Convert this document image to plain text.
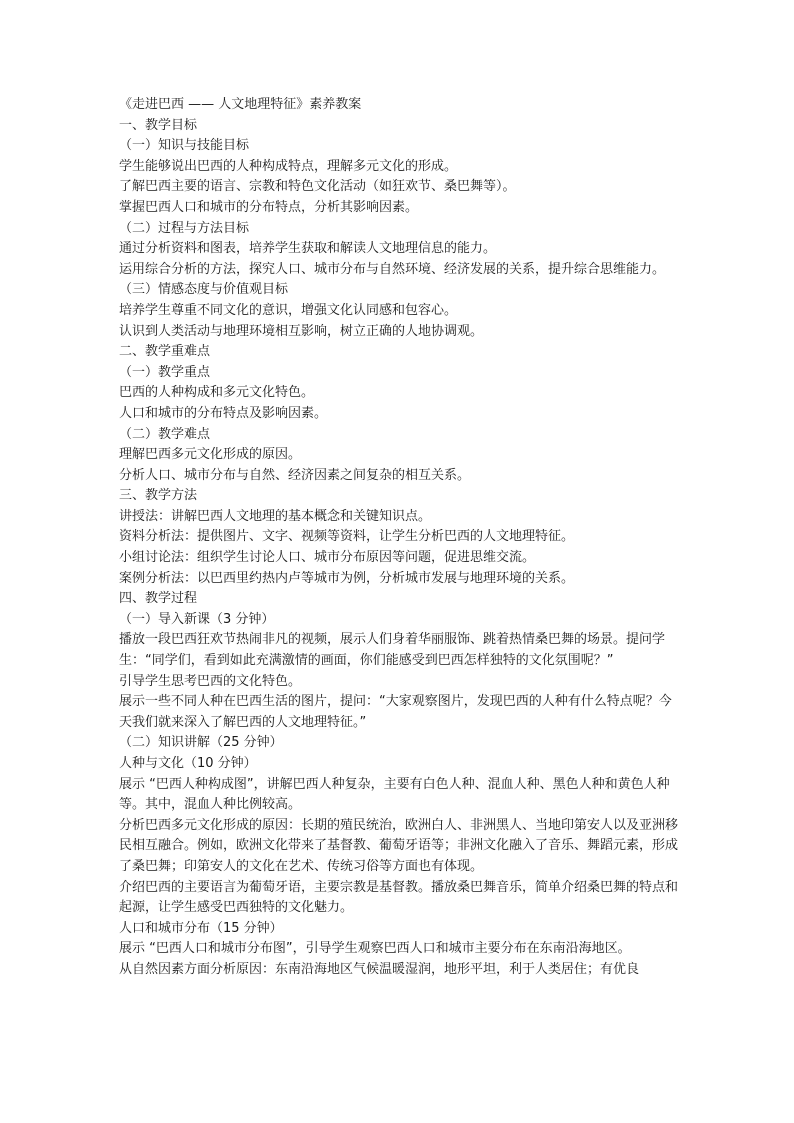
《走进巴西 —— 人文地理特征》素养教案

一、教学目标

（一）知识与技能目标

学生能够说出巴西的人种构成特点，理解多元文化的形成。

了解巴西主要的语言、宗教和特色文化活动（如狂欢节、桑巴舞等）。

掌握巴西人口和城市的分布特点，分析其影响因素。

（二）过程与方法目标

通过分析资料和图表，培养学生获取和解读人文地理信息的能力。

运用综合分析的方法，探究人口、城市分布与自然环境、经济发展的关系，提升综合思维能力。

（三）情感态度与价值观目标

培养学生尊重不同文化的意识，增强文化认同感和包容心。

认识到人类活动与地理环境相互影响，树立正确的人地协调观。

二、教学重难点

（一）教学重点

巴西的人种构成和多元文化特色。

人口和城市的分布特点及影响因素。

（二）教学难点

理解巴西多元文化形成的原因。

分析人口、城市分布与自然、经济因素之间复杂的相互关系。

三、教学方法

讲授法：讲解巴西人文地理的基本概念和关键知识点。

资料分析法：提供图片、文字、视频等资料，让学生分析巴西的人文地理特征。

小组讨论法：组织学生讨论人口、城市分布原因等问题，促进思维交流。

案例分析法：以巴西里约热内卢等城市为例，分析城市发展与地理环境的关系。

四、教学过程

（一）导入新课（3 分钟）

播放一段巴西狂欢节热闹非凡的视频，展示人们身着华丽服饰、跳着热情桑巴舞的场景。提问学生：“同学们，看到如此充满激情的画面，你们能感受到巴西怎样独特的文化氛围呢？”

引导学生思考巴西的文化特色。

展示一些不同人种在巴西生活的图片，提问：“大家观察图片，发现巴西的人种有什么特点呢？今天我们就来深入了解巴西的人文地理特征。”

（二）知识讲解（25 分钟）

人种与文化（10 分钟）

展示 “巴西人种构成图”，讲解巴西人种复杂，主要有白色人种、混血人种、黑色人种和黄色人种等。其中，混血人种比例较高。

分析巴西多元文化形成的原因：长期的殖民统治，欧洲白人、非洲黑人、当地印第安人以及亚洲移民相互融合。例如，欧洲文化带来了基督教、葡萄牙语等；非洲文化融入了音乐、舞蹈元素，形成了桑巴舞；印第安人的文化在艺术、传统习俗等方面也有体现。

介绍巴西的主要语言为葡萄牙语，主要宗教是基督教。播放桑巴舞音乐，简单介绍桑巴舞的特点和起源，让学生感受巴西独特的文化魅力。

人口和城市分布（15 分钟）

展示 “巴西人口和城市分布图”，引导学生观察巴西人口和城市主要分布在东南沿海地区。

从自然因素方面分析原因：东南沿海地区气候温暖湿润，地形平坦，利于人类居住；有优良
